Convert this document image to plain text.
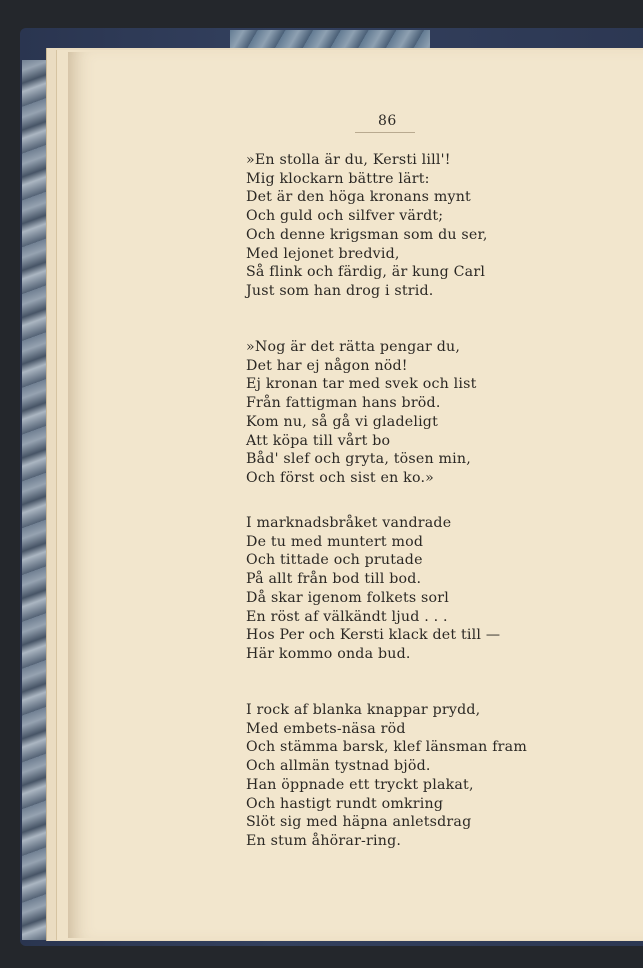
86
»En stolla är du, Kersti lill'!
Mig klockarn bättre lärt:
Det är den höga kronans mynt
Och guld och silfver värdt;
Och denne krigsman som du ser,
Med lejonet bredvid,
Så flink och färdig, är kung Carl
Just som han drog i strid.
»Nog är det rätta pengar du,
Det har ej någon nöd!
Ej kronan tar med svek och list
Från fattigman hans bröd.
Kom nu, så gå vi gladeligt
Att köpa till vårt bo
Båd' slef och gryta, tösen min,
Och först och sist en ko.»
I marknadsbråket vandrade
De tu med muntert mod
Och tittade och prutade
På allt från bod till bod.
Då skar igenom folkets sorl
En röst af välkändt ljud . . .
Hos Per och Kersti klack det till —
Här kommo onda bud.
I rock af blanka knappar prydd,
Med embets-näsa röd
Och stämma barsk, klef länsman fram
Och allmän tystnad bjöd.
Han öppnade ett tryckt plakat,
Och hastigt rundt omkring
Slöt sig med häpna anletsdrag
En stum åhörar-ring.
